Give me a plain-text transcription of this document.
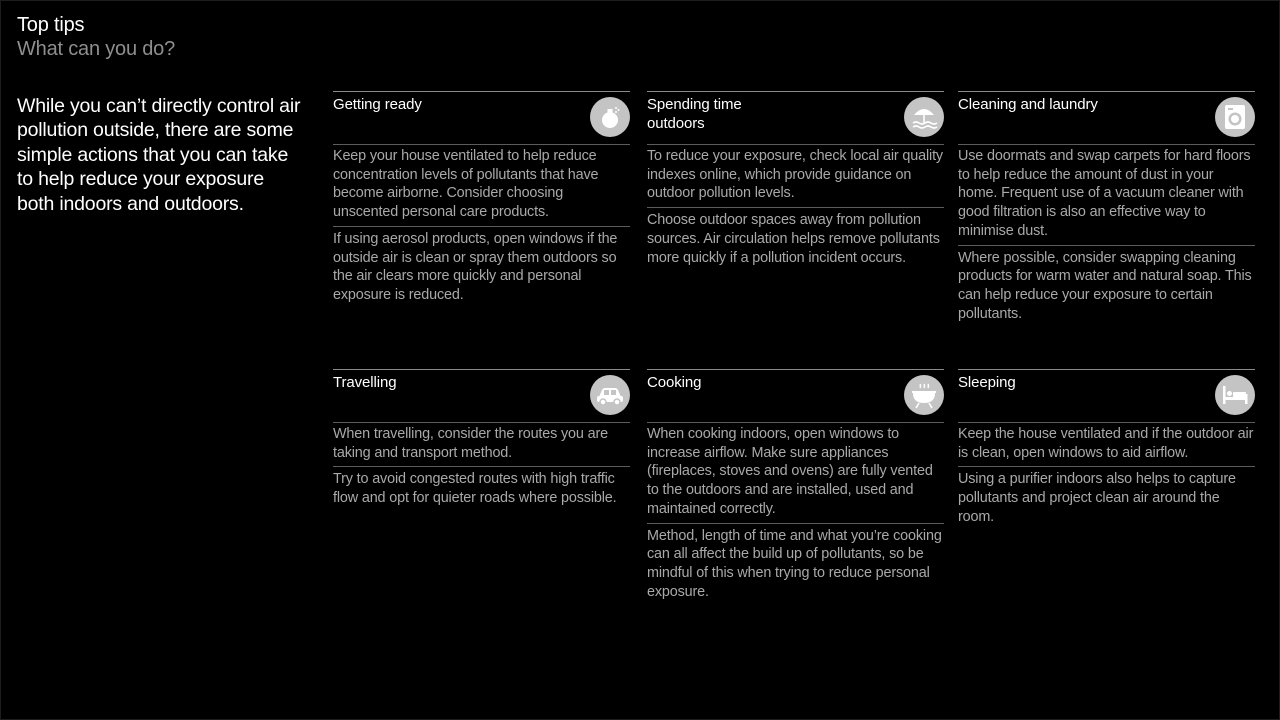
Top tips
What can you do?
While you can’t directly control air pollution outside, there are some simple actions that you can take to help reduce your exposure both indoors and outdoors.
Getting ready
Keep your house ventilated to help reduce concentration levels of pollutants that have become airborne. Consider choosing unscented personal care products.
If using aerosol products, open windows if the outside air is clean or spray them outdoors so the air clears more quickly and personal exposure is reduced.
Spending time outdoors
To reduce your exposure, check local air quality indexes online, which provide guidance on outdoor pollution levels.
Choose outdoor spaces away from pollution sources. Air circulation helps remove pollutants more quickly if a pollution incident occurs.
Cleaning and laundry
Use doormats and swap carpets for hard floors to help reduce the amount of dust in your home. Frequent use of a vacuum cleaner with good filtration is also an effective way to minimise dust.
Where possible, consider swapping cleaning products for warm water and natural soap. This can help reduce your exposure to certain pollutants.
Travelling
When travelling, consider the routes you are taking and transport method.
Try to avoid congested routes with high traffic flow and opt for quieter roads where possible.
Cooking
When cooking indoors, open windows to increase airflow. Make sure appliances (fireplaces, stoves and ovens) are fully vented to the outdoors and are installed, used and maintained correctly.
Method, length of time and what you’re cooking can all affect the build up of pollutants, so be mindful of this when trying to reduce personal exposure.
Sleeping
Keep the house ventilated and if the outdoor air is clean, open windows to aid airflow.
Using a purifier indoors also helps to capture pollutants and project clean air around the room.
